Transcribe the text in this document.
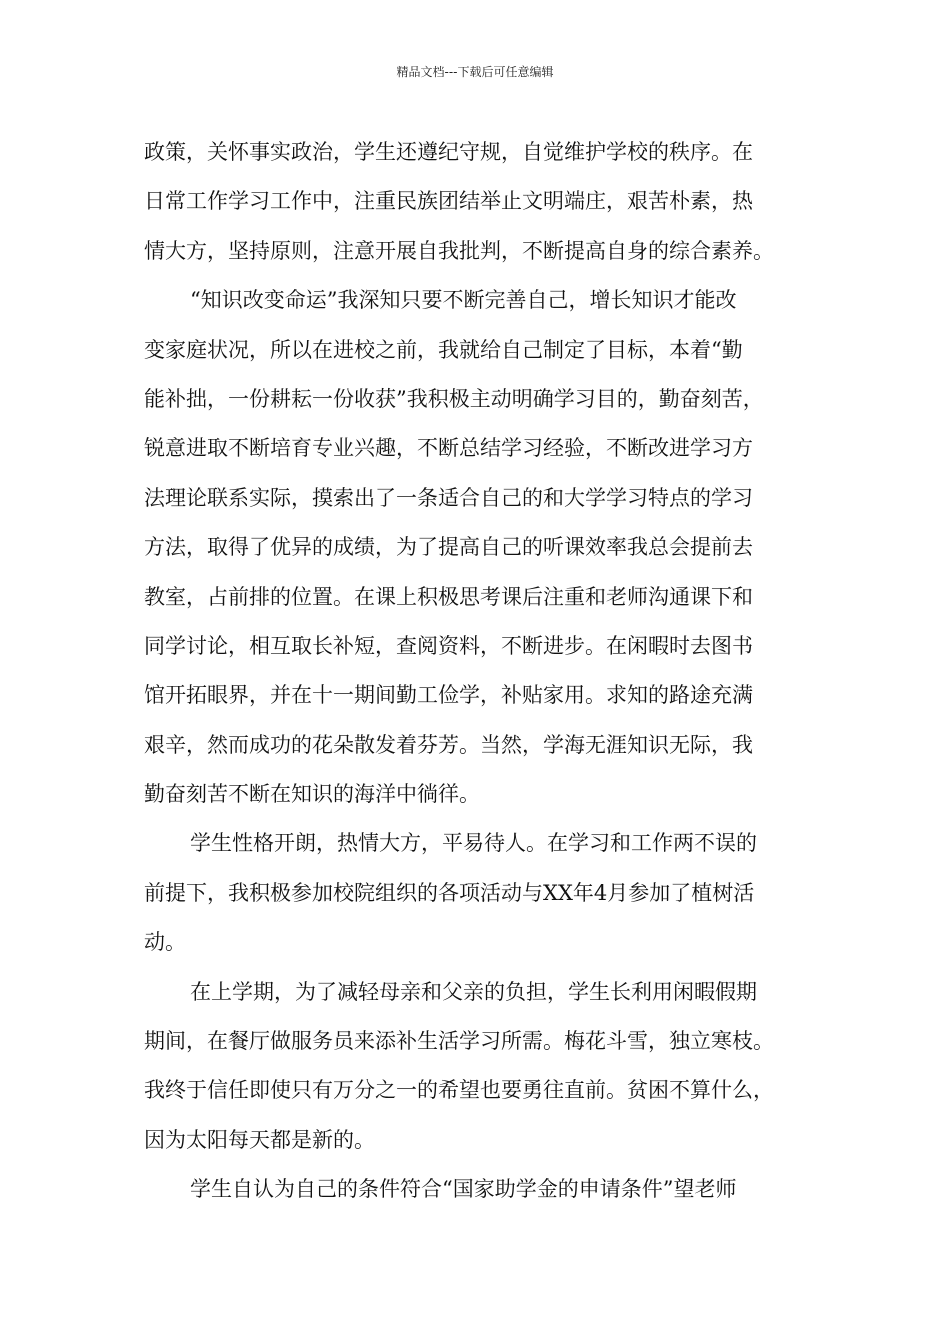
精品文档---下载后可任意编辑
政策，关怀事实政治，学生还遵纪守规，自觉维护学校的秩序。在
日常工作学习工作中，注重民族团结举止文明端庄，艰苦朴素，热
情大方，坚持原则，注意开展自我批判，不断提高自身的综合素养。
“知识改变命运”我深知只要不断完善自己，增长知识才能改
变家庭状况，所以在进校之前，我就给自己制定了目标，本着“勤
能补拙，一份耕耘一份收获”我积极主动明确学习目的，勤奋刻苦，
锐意进取不断培育专业兴趣，不断总结学习经验，不断改进学习方
法理论联系实际，摸索出了一条适合自己的和大学学习特点的学习
方法，取得了优异的成绩，为了提高自己的听课效率我总会提前去
教室，占前排的位置。在课上积极思考课后注重和老师沟通课下和
同学讨论，相互取长补短，查阅资料，不断进步。在闲暇时去图书
馆开拓眼界，并在十一期间勤工俭学，补贴家用。求知的路途充满
艰辛，然而成功的花朵散发着芬芳。当然，学海无涯知识无际，我
勤奋刻苦不断在知识的海洋中徜徉。
学生性格开朗，热情大方，平易待人。在学习和工作两不误的
前提下，我积极参加校院组织的各项活动与XX年4月参加了植树活
动。
在上学期，为了减轻母亲和父亲的负担，学生长利用闲暇假期
期间，在餐厅做服务员来添补生活学习所需。梅花斗雪，独立寒枝。
我终于信任即使只有万分之一的希望也要勇往直前。贫困不算什么，
因为太阳每天都是新的。
学生自认为自己的条件符合“国家助学金的申请条件”望老师
